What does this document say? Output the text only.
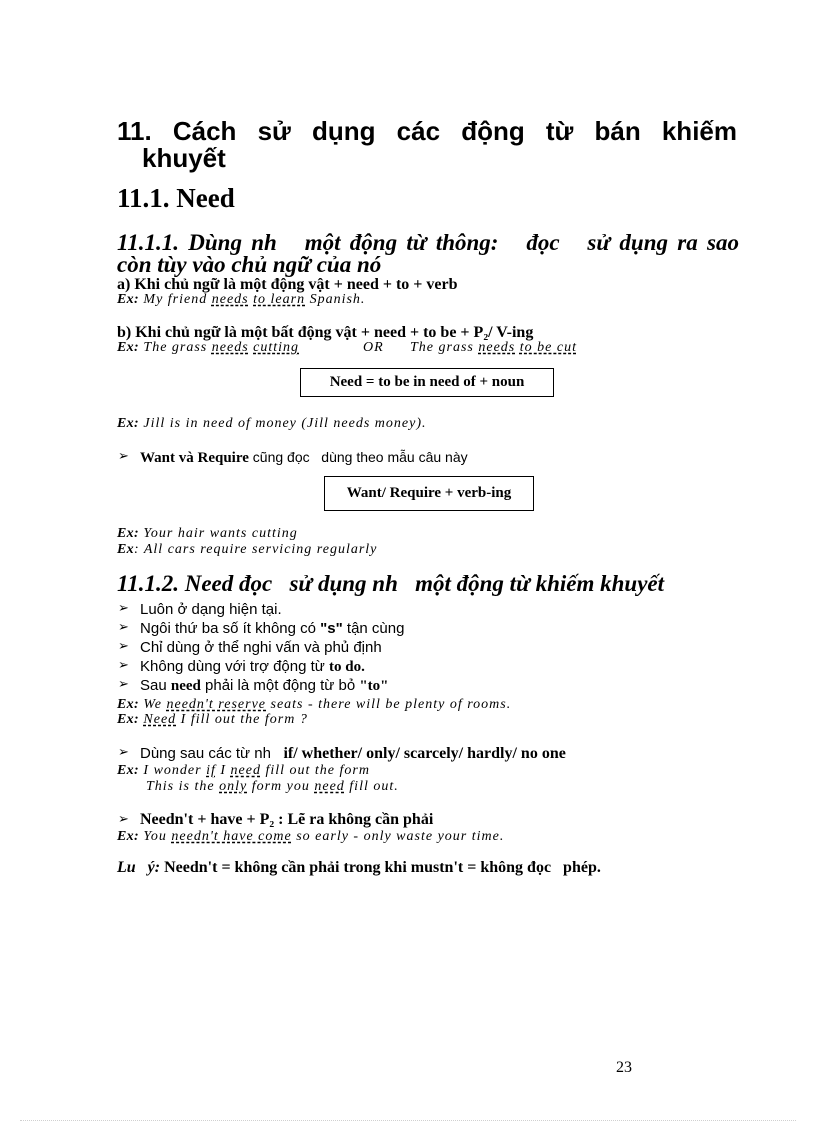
11. Cách sử dụng các động từ bán khiếm
khuyết
11.1. Need
11.1.1. Dùng nh   một động từ thông:   đọc   sử dụng ra sao
còn tùy vào chủ ngữ của nó
a) Khi chủ ngữ là một động vật + need + to + verb
Ex: My friend needs to learn Spanish.
b) Khi chủ ngữ là một bất động vật + need + to be + P₂/ V-ing
Ex: The grass needs cutting	OR The grass needs to be cut
Need = to be in need of + noun
Ex: Jill is in need of money (Jill needs money).
➢ Want và Require cũng đọc   dùng theo mẫu câu này
Want/ Require + verb-ing
Ex: Your hair wants cutting
Ex: All cars require servicing regularly
11.1.2. Need đọc   sử dụng nh   một động từ khiếm khuyết
➢ Luôn ở dạng hiện tại.
➢ Ngôi thứ ba số ít không có "s" tận cùng
➢ Chỉ dùng ở thể nghi vấn và phủ định
➢ Không dùng với trợ động từ to do.
➢ Sau need phải là một động từ bỏ "to"
Ex: We needn't reserve seats - there will be plenty of rooms.
Ex: Need I fill out the form ?
➢ Dùng sau các từ nh   if/ whether/ only/ scarcely/ hardly/ no one
Ex: I wonder if I need fill out the form
This is the only form you need fill out.
➢ Needn't + have + P₂ : Lẽ ra không cần phải
Ex: You needn't have come so early - only waste your time.
Lu   ý: Needn't = không cần phải trong khi mustn't = không đọc   phép.
23
